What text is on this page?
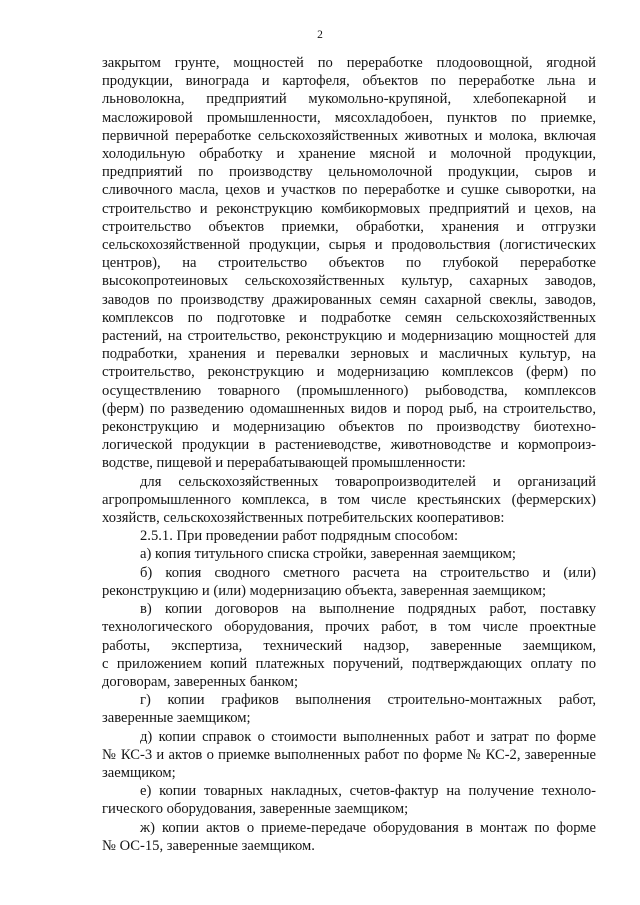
2
закрытом грунте, мощностей по переработке плодоовощной, ягодной
продукции, винограда и картофеля, объектов по переработке льна и
льноволокна, предприятий мукомольно-крупяной, хлебопекарной и
масложировой промышленности, мясохладобоен, пунктов по приемке,
первичной переработке сельскохозяйственных животных и молока, включая
холодильную обработку и хранение мясной и молочной продукции,
предприятий по производству цельномолочной продукции, сыров и
сливочного масла, цехов и участков по переработке и сушке сыворотки, на
строительство и реконструкцию комбикормовых предприятий и цехов, на
строительство объектов приемки, обработки, хранения и отгрузки
сельскохозяйственной продукции, сырья и продовольствия (логистических
центров), на строительство объектов по глубокой переработке
высокопротеиновых сельскохозяйственных культур, сахарных заводов,
заводов по производству дражированных семян сахарной свеклы, заводов,
комплексов по подготовке и подработке семян сельскохозяйственных
растений, на строительство, реконструкцию и модернизацию мощностей для
подработки, хранения и перевалки зерновых и масличных культур, на
строительство, реконструкцию и модернизацию комплексов (ферм) по
осуществлению товарного (промышленного) рыбоводства, комплексов
(ферм) по разведению одомашненных видов и пород рыб, на строительство,
реконструкцию и модернизацию объектов по производству биотехно-
логической продукции в растениеводстве, животноводстве и кормопроиз-
водстве, пищевой и перерабатывающей промышленности:
для сельскохозяйственных товаропроизводителей и организаций
агропромышленного комплекса, в том числе крестьянских (фермерских)
хозяйств, сельскохозяйственных потребительских кооперативов:
2.5.1. При проведении работ подрядным способом:
а) копия титульного списка стройки, заверенная заемщиком;
б) копия сводного сметного расчета на строительство и (или)
реконструкцию и (или) модернизацию объекта, заверенная заемщиком;
в) копии договоров на выполнение подрядных работ, поставку
технологического оборудования, прочих работ, в том числе проектные
работы, экспертиза, технический надзор, заверенные заемщиком,
с приложением копий платежных поручений, подтверждающих оплату по
договорам, заверенных банком;
г) копии графиков выполнения строительно-монтажных работ,
заверенные заемщиком;
д) копии справок о стоимости выполненных работ и затрат по форме
№ КС-3 и актов о приемке выполненных работ по форме № КС-2, заверенные
заемщиком;
е) копии товарных накладных, счетов-фактур на получение техноло-
гического оборудования, заверенные заемщиком;
ж) копии актов о приеме-передаче оборудования в монтаж по форме
№ ОС-15, заверенные заемщиком.
